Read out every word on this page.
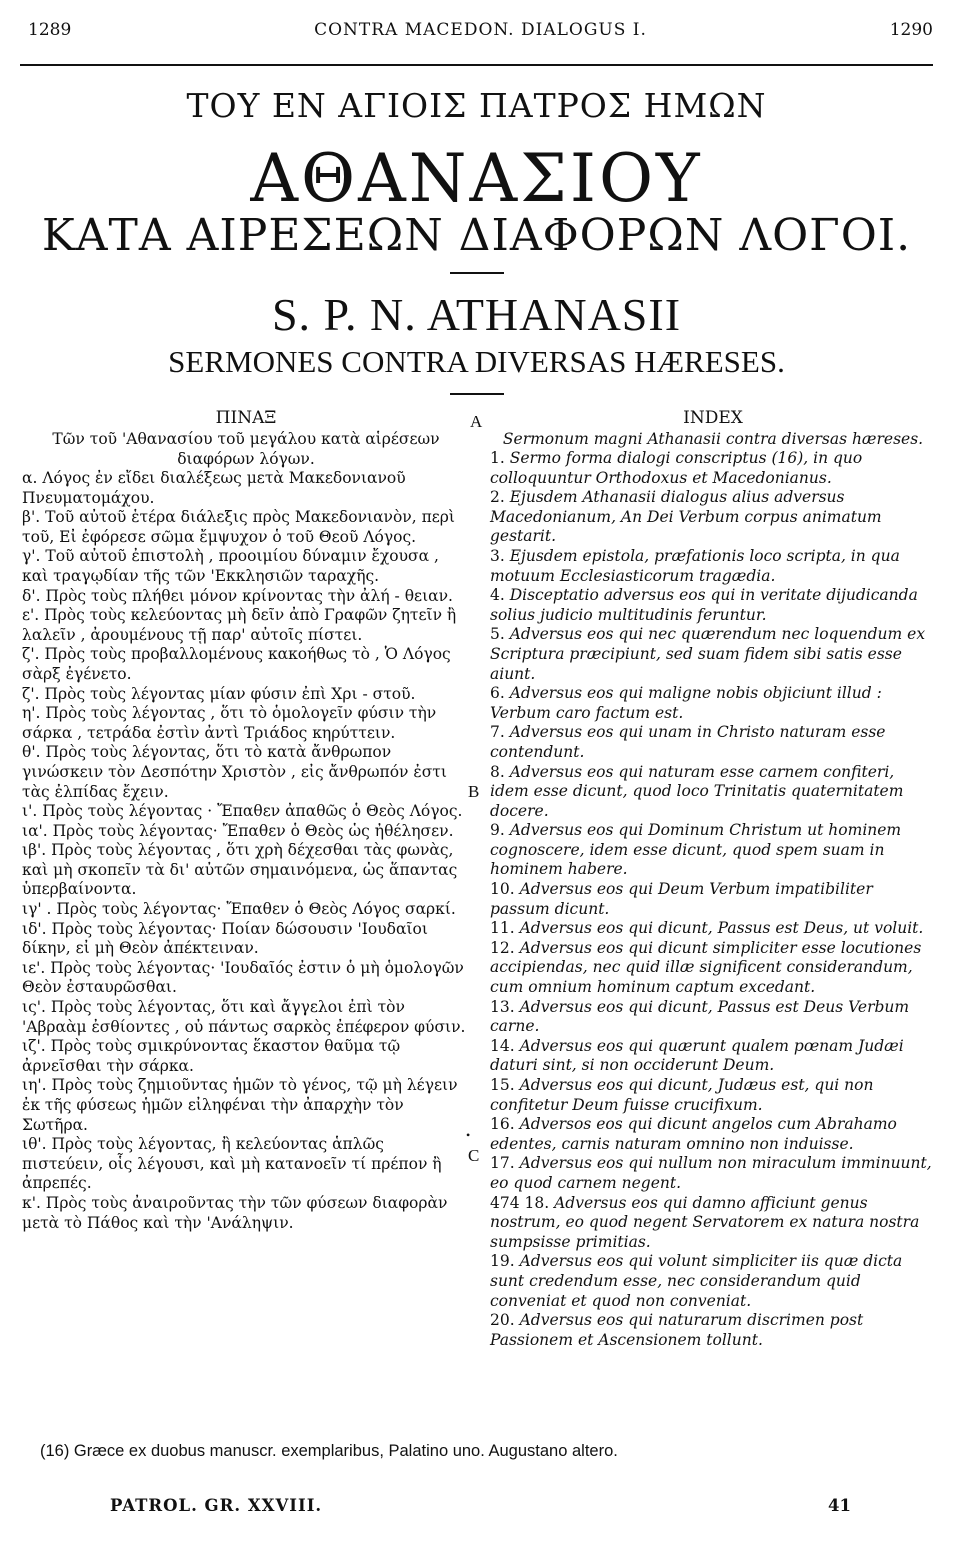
1289	CONTRA MACEDON. DIALOGUS I.	1290
ΤΟΥ ΕΝ ΑΓΙΟΙΣ ΠΑΤΡΟΣ ΗΜΩΝ
ΑΘΑΝΑΣΙΟΥ
ΚΑΤΑ ΑΙΡΕΣΕΩΝ ΔΙΑΦΟΡΩΝ ΛΟΓΟΙ.
S. P. N. ATHANASII
SERMONES CONTRA DIVERSAS HÆRESES.
A
B
C
•
ΠΙΝΑΞ
Τῶν τοῦ 'Αθανασίου τοῦ μεγάλου κατὰ αἱρέσεων διαφόρων λόγων.

α. Λόγος ἐν εἴδει διαλέξεως μετὰ Μακεδονιανοῦ Πνευματομάχου.

β'. Τοῦ αὐτοῦ ἑτέρα διάλεξις πρὸς Μακεδονιανὸν, περὶ τοῦ, Εἰ ἐφόρεσε σῶμα ἔμψυχον ὁ τοῦ Θεοῦ Λόγος.

γ'. Τοῦ αὐτοῦ ἐπιστολὴ , προοιμίου δύναμιν ἔχουσα , καὶ τραγῳδίαν τῆς τῶν 'Εκκλησιῶν ταραχῆς.

δ'. Πρὸς τοὺς πλήθει μόνον κρίνοντας τὴν ἀλή - θειαν.

ε'. Πρὸς τοὺς κελεύοντας μὴ δεῖν ἀπὸ Γραφῶν ζητεῖν ἢ λαλεῖν , ἀρουμένους τῇ παρ' αὐτοῖς πίστει.

ζ'. Πρὸς τοὺς προβαλλομένους κακοήθως τὸ , Ὁ Λόγος σὰρξ ἐγένετο.

ζ'. Πρὸς τοὺς λέγοντας μίαν φύσιν ἐπὶ Χρι - στοῦ.

η'. Πρὸς τοὺς λέγοντας , ὅτι τὸ ὁμολογεῖν φύσιν τὴν σάρκα , τετράδα ἐστὶν ἀντὶ Τριάδος κηρύττειν.

θ'. Πρὸς τοὺς λέγοντας, ὅτι τὸ κατὰ ἄνθρωπον γινώσκειν τὸν Δεσπότην Χριστὸν , εἰς ἄνθρωπόν ἐστι τὰς ἐλπίδας ἔχειν.

ι'. Πρὸς τοὺς λέγοντας · Ἔπαθεν ἀπαθῶς ὁ Θεὸς Λόγος.

ια'. Πρὸς τοὺς λέγοντας· Ἔπαθεν ὁ Θεὸς ὡς ἠθέλησεν.

ιβ'. Πρὸς τοὺς λέγοντας , ὅτι χρὴ δέχεσθαι τὰς φωνὰς, καὶ μὴ σκοπεῖν τὰ δι' αὐτῶν σημαινόμενα, ὡς ἅπαντας ὑπερβαίνοντα.

ιγ' . Πρὸς τοὺς λέγοντας· Ἔπαθεν ὁ Θεὸς Λόγος σαρκί.

ιδ'. Πρὸς τοὺς λέγοντας· Ποίαν δώσουσιν 'Ιουδαῖοι δίκην, εἰ μὴ Θεὸν ἀπέκτειναν.

ιε'. Πρὸς τοὺς λέγοντας· 'Ιουδαῖός ἐστιν ὁ μὴ ὁμολογῶν Θεὸν ἐσταυρῶσθαι.

ις'. Πρὸς τοὺς λέγοντας, ὅτι καὶ ἄγγελοι ἐπὶ τὸν 'Αβραὰμ ἐσθίοντες , οὐ πάντως σαρκὸς ἐπέφερον φύσιν.

ιζ'. Πρὸς τοὺς σμικρύνοντας ἕκαστον θαῦμα τῷ ἀρνεῖσθαι τὴν σάρκα.

ιη'. Πρὸς τοὺς ζημιοῦντας ἡμῶν τὸ γένος, τῷ μὴ λέγειν ἐκ τῆς φύσεως ἡμῶν εἰληφέναι τὴν ἀπαρχὴν τὸν Σωτῆρα.

ιθ'. Πρὸς τοὺς λέγοντας, ἢ κελεύοντας ἁπλῶς πιστεύειν, οἷς λέγουσι, καὶ μὴ κατανοεῖν τί πρέπον ἢ ἀπρεπές.

κ'. Πρὸς τοὺς ἀναιροῦντας τὴν τῶν φύσεων διαφορὰν μετὰ τὸ Πάθος καὶ τὴν 'Ανάληψιν.

INDEX
Sermonum magni Athanasii contra diversas hæreses.

1. Sermo forma dialogi conscriptus (16), in quo colloquuntur Orthodoxus et Macedonianus.

2. Ejusdem Athanasii dialogus alius adversus Macedonianum, An Dei Verbum corpus animatum gestarit.

3. Ejusdem epistola, præfationis loco scripta, in qua motuum Ecclesiasticorum tragædia.

4. Disceptatio adversus eos qui in veritate dijudicanda solius judicio multitudinis feruntur.

5. Adversus eos qui nec quærendum nec loquendum ex Scriptura præcipiunt, sed suam fidem sibi satis esse aiunt.

6. Adversus eos qui maligne nobis objiciunt illud : Verbum caro factum est.

7. Adversus eos qui unam in Christo naturam esse contendunt.

8. Adversus eos qui naturam esse carnem confiteri, idem esse dicunt, quod loco Trinitatis quaternitatem docere.

9. Adversus eos qui Dominum Christum ut hominem cognoscere, idem esse dicunt, quod spem suam in hominem habere.

10. Adversus eos qui Deum Verbum impatibiliter passum dicunt.

11. Adversus eos qui dicunt, Passus est Deus, ut voluit.

12. Adversus eos qui dicunt simpliciter esse locutiones accipiendas, nec quid illæ significent considerandum, cum omnium hominum captum excedant.

13. Adversus eos qui dicunt, Passus est Deus Verbum carne.

14. Adversus eos qui quærunt qualem pœnam Judæi daturi sint, si non occiderunt Deum.

15. Adversus eos qui dicunt, Judæus est, qui non confitetur Deum fuisse crucifixum.

16. Adversos eos qui dicunt angelos cum Abrahamo edentes, carnis naturam omnino non induisse.

17. Adversus eos qui nullum non miraculum imminuunt, eo quod carnem negent.

474 18. Adversus eos qui damno afficiunt genus nostrum, eo quod negent Servatorem ex natura nostra sumpsisse primitias.

19. Adversus eos qui volunt simpliciter iis quæ dicta sunt credendum esse, nec considerandum quid conveniat et quod non conveniat.

20. Adversus eos qui naturarum discrimen post Passionem et Ascensionem tollunt.

(16) Græce ex duobus manuscr. exemplaribus, Palatino uno. Augustano altero.
PATROL. GR. XXVIII.	41
